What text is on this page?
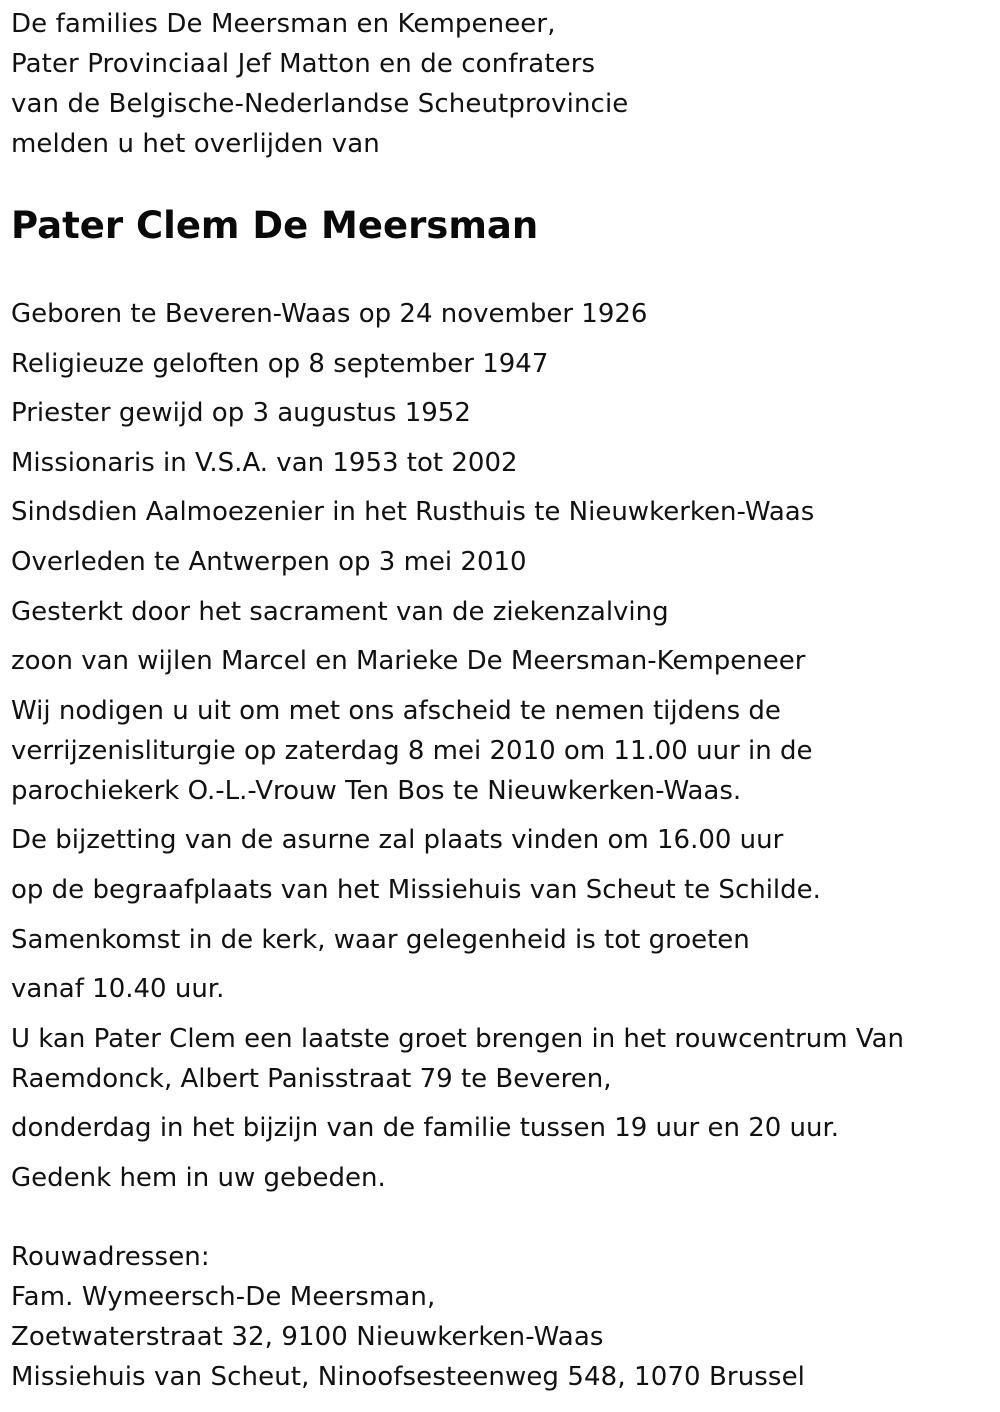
De families De Meersman en Kempeneer,
Pater Provinciaal Jef Matton en de confraters
van de Belgische-Nederlandse Scheutprovincie
melden u het overlijden van
Pater Clem De Meersman
Geboren te Beveren-Waas op 24 november 1926
Religieuze geloften op 8 september 1947
Priester gewijd op 3 augustus 1952
Missionaris in V.S.A. van 1953 tot 2002
Sindsdien Aalmoezenier in het Rusthuis te Nieuwkerken-Waas
Overleden te Antwerpen op 3 mei 2010
Gesterkt door het sacrament van de ziekenzalving
zoon van wijlen Marcel en Marieke De Meersman-Kempeneer
Wij nodigen u uit om met ons afscheid te nemen tijdens de
verrijzenisliturgie op zaterdag 8 mei 2010 om 11.00 uur in de
parochiekerk O.-L.-Vrouw Ten Bos te Nieuwkerken-Waas.
De bijzetting van de asurne zal plaats vinden om 16.00 uur
op de begraafplaats van het Missiehuis van Scheut te Schilde.
Samenkomst in de kerk, waar gelegenheid is tot groeten
vanaf 10.40 uur.
U kan Pater Clem een laatste groet brengen in het rouwcentrum Van
Raemdonck, Albert Panisstraat 79 te Beveren,
donderdag in het bijzijn van de familie tussen 19 uur en 20 uur.
Gedenk hem in uw gebeden.
Rouwadressen:
Fam. Wymeersch-De Meersman,
Zoetwaterstraat 32, 9100 Nieuwkerken-Waas
Missiehuis van Scheut, Ninoofsesteenweg 548, 1070 Brussel
